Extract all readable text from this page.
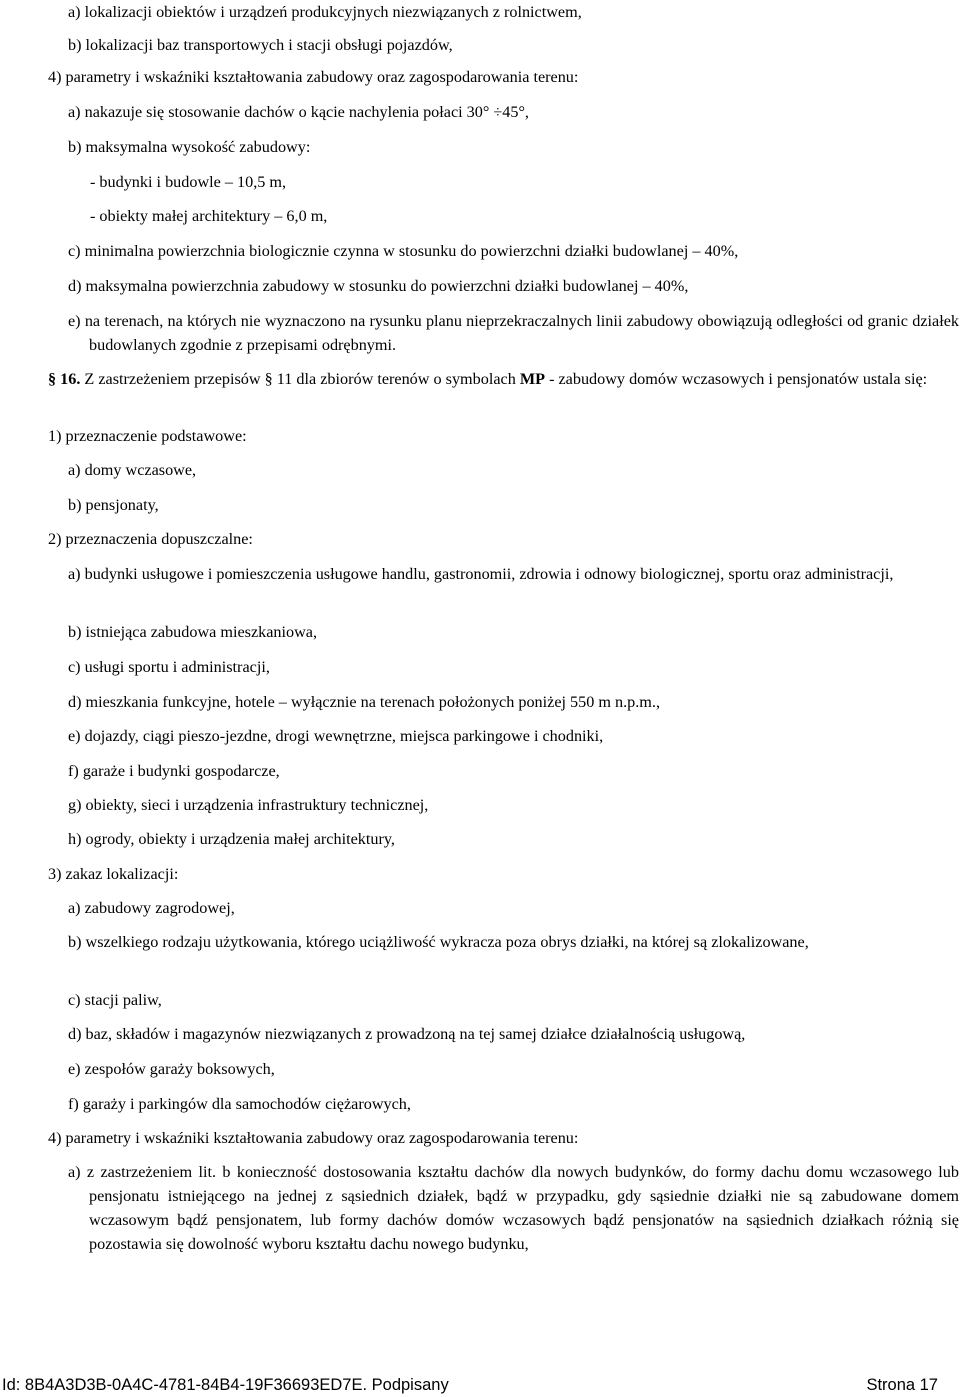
a) lokalizacji obiektów i urządzeń produkcyjnych niezwiązanych z rolnictwem,
b) lokalizacji baz transportowych i stacji obsługi pojazdów,
4) parametry i wskaźniki kształtowania zabudowy oraz zagospodarowania terenu:
a) nakazuje się stosowanie dachów o kącie nachylenia połaci 30° ÷45°,
b) maksymalna wysokość zabudowy:
- budynki i budowle – 10,5 m,
- obiekty małej architektury – 6,0 m,
c) minimalna powierzchnia biologicznie czynna w stosunku do powierzchni działki budowlanej – 40%,
d) maksymalna powierzchnia zabudowy w stosunku do powierzchni działki budowlanej – 40%,
e) na terenach, na których nie wyznaczono na rysunku planu nieprzekraczalnych linii zabudowy obowiązują odległości od granic działek budowlanych zgodnie z przepisami odrębnymi.
§ 16. Z zastrzeżeniem przepisów § 11 dla zbiorów terenów o symbolach MP - zabudowy domów wczasowych i pensjonatów ustala się:
1) przeznaczenie podstawowe:
a) domy wczasowe,
b) pensjonaty,
2) przeznaczenia dopuszczalne:
a) budynki usługowe i pomieszczenia usługowe handlu, gastronomii, zdrowia i odnowy biologicznej, sportu oraz administracji,
b) istniejąca zabudowa mieszkaniowa,
c) usługi sportu i administracji,
d) mieszkania funkcyjne, hotele – wyłącznie na terenach położonych poniżej 550 m n.p.m.,
e) dojazdy, ciągi pieszo-jezdne, drogi wewnętrzne, miejsca parkingowe i chodniki,
f) garaże i budynki gospodarcze,
g) obiekty, sieci i urządzenia infrastruktury technicznej,
h) ogrody, obiekty i urządzenia małej architektury,
3) zakaz lokalizacji:
a) zabudowy zagrodowej,
b) wszelkiego rodzaju użytkowania, którego uciążliwość wykracza poza obrys działki, na której są zlokalizowane,
c) stacji paliw,
d) baz, składów i magazynów niezwiązanych z prowadzoną na tej samej działce działalnością usługową,
e) zespołów garaży boksowych,
f) garaży i parkingów dla samochodów ciężarowych,
4) parametry i wskaźniki kształtowania zabudowy oraz zagospodarowania terenu:
a) z zastrzeżeniem lit. b konieczność dostosowania kształtu dachów dla nowych budynków, do formy dachu domu wczasowego lub pensjonatu istniejącego na jednej z sąsiednich działek, bądź w przypadku, gdy sąsiednie działki nie są zabudowane domem wczasowym bądź pensjonatem, lub formy dachów domów wczasowych bądź pensjonatów na sąsiednich działkach różnią się pozostawia się dowolność wyboru kształtu dachu nowego budynku,
Id: 8B4A3D3B-0A4C-4781-84B4-19F36693ED7E. Podpisany	Strona 17
